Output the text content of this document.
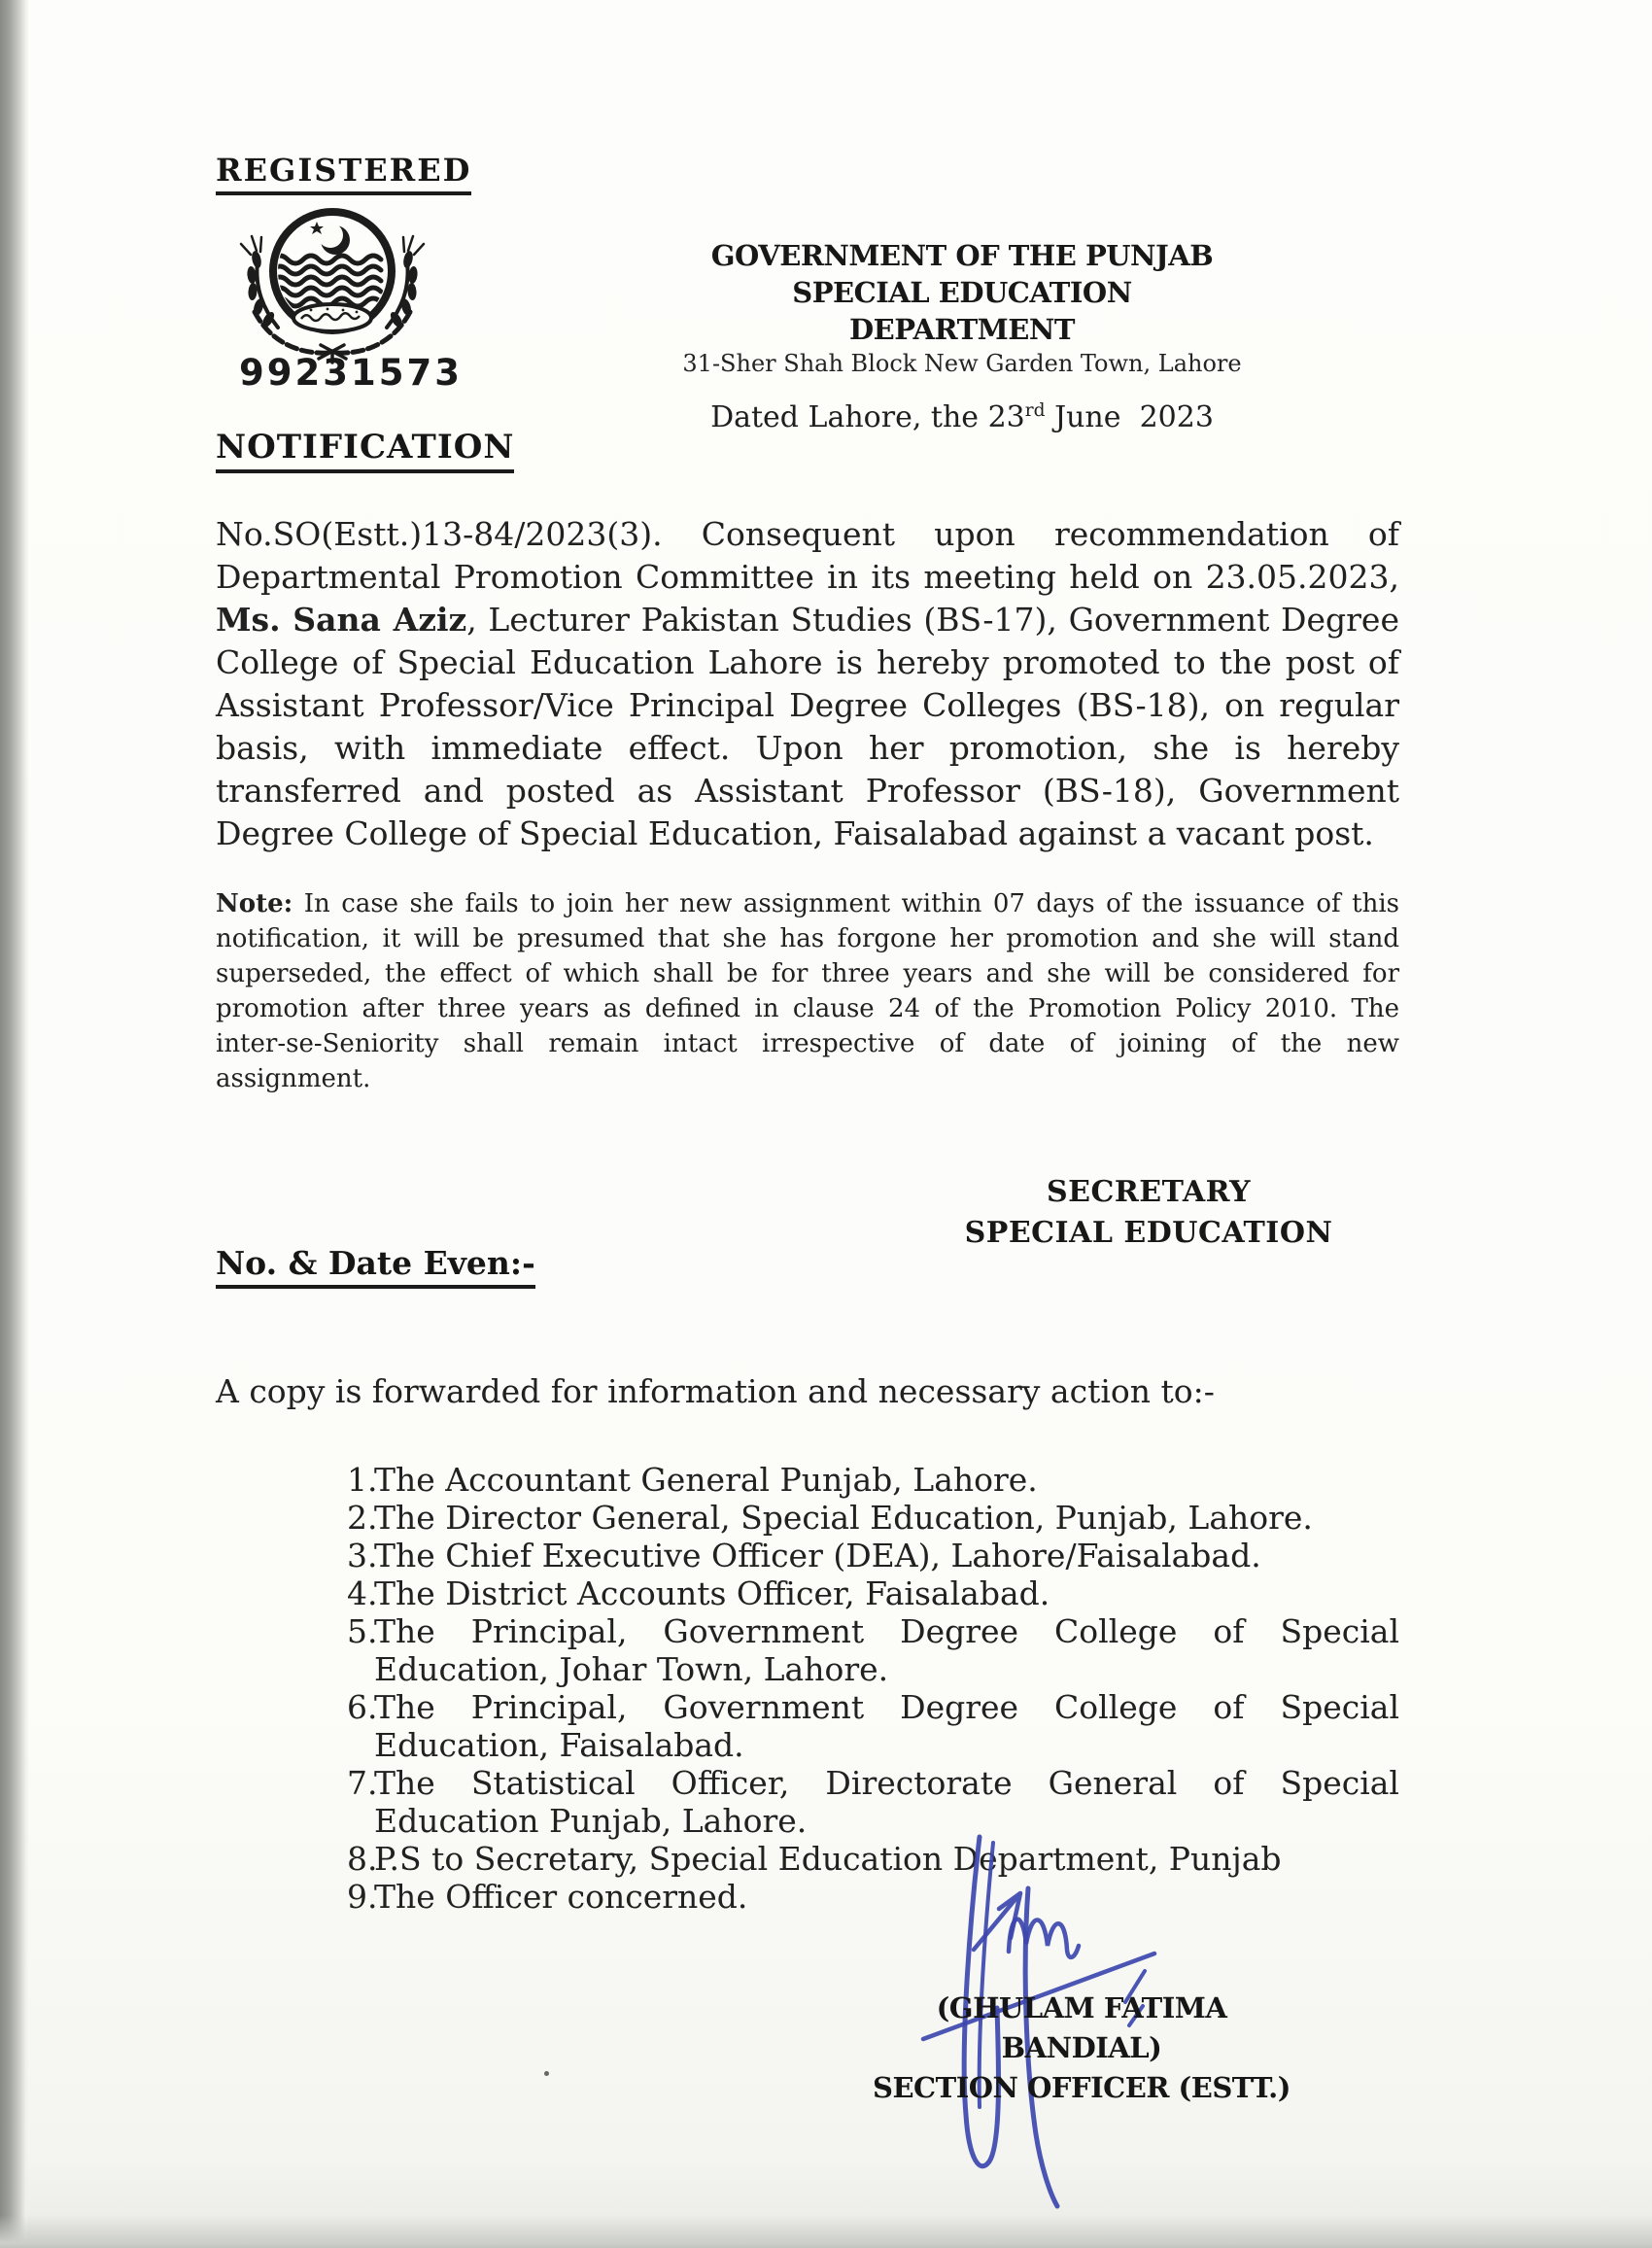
REGISTERED
99231573
GOVERNMENT OF THE PUNJAB
SPECIAL EDUCATION DEPARTMENT
31-Sher Shah Block New Garden Town, Lahore
Dated Lahore, the 23rd June  2023
NOTIFICATION
No.SO(Estt.)13-84/2023(3). Consequent upon recommendation of
Departmental Promotion Committee in its meeting held on 23.05.2023,
Ms. Sana Aziz, Lecturer Pakistan Studies (BS-17), Government Degree
College of Special Education Lahore is hereby promoted to the post of
Assistant Professor/Vice Principal Degree Colleges (BS-18), on regular
basis, with immediate effect. Upon her promotion, she is hereby
transferred and posted as Assistant Professor (BS-18), Government
Degree College of Special Education, Faisalabad against a vacant post.
Note: In case she fails to join her new assignment within 07 days of the issuance of this
notification, it will be presumed that she has forgone her promotion and she will stand
superseded, the effect of which shall be for three years and she will be considered for
promotion after three years as defined in clause 24 of the Promotion Policy 2010. The
inter-se-Seniority shall remain intact irrespective of date of joining of the new
assignment.
SECRETARY
SPECIAL EDUCATION
No. & Date Even:-
A copy is forwarded for information and necessary action to:-
1.
The Accountant General Punjab, Lahore.
2.
The Director General, Special Education, Punjab, Lahore.
3.
The Chief Executive Officer (DEA), Lahore/Faisalabad.
4.
The District Accounts Officer, Faisalabad.
5.
The Principal, Government Degree College of Special
Education, Johar Town, Lahore.
6.
The Principal, Government Degree College of Special
Education, Faisalabad.
7.
The Statistical Officer, Directorate General of Special
Education Punjab, Lahore.
8.
P.S to Secretary, Special Education Department, Punjab
9.
The Officer concerned.
(GHULAM FATIMA BANDIAL)
SECTION OFFICER (ESTT.)
